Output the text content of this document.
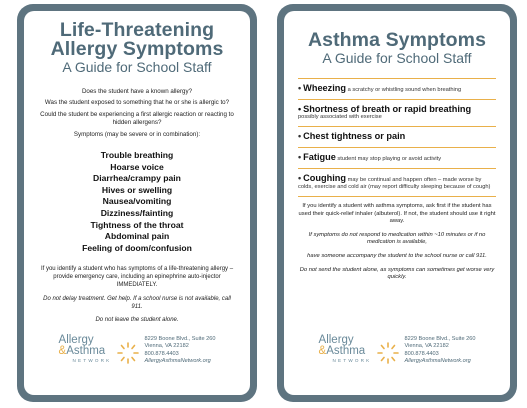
Life-Threatening
Allergy Symptoms
A Guide for School Staff

Does the student have a known allergy?

Was the student exposed to something that he or she is allergic to?

Could the student be experiencing a first allergic reaction or reacting to hidden allergens?

Symptoms (may be severe or in combination):

Trouble breathing
Hoarse voice
Diarrhea/crampy pain
Hives or swelling
Nausea/vomiting
Dizziness/fainting
Tightness of the throat
Abdominal pain
Feeling of doom/confusion

If you identify a student who has symptoms of a life-threatening allergy – provide emergency care, including an epinephrine auto-injector IMMEDIATELY.

Do not delay treatment. Get help. If a school nurse is not available, call 911.

Do not leave the student alone.

Allergy
&Asthma
NETWORK
8229 Boone Blvd., Suite 260
Vienna, VA 22182
800.878.4403
AllergyAsthmaNetwork.org
Asthma Symptoms
A Guide for School Staff
• Wheezing a scratchy or whistling sound when breathing
• Shortness of breath or rapid breathing
possibly associated with exercise
• Chest tightness or pain
• Fatigue student may stop playing or avoid activity
• Coughing may be continual and happen often – made worse by colds, exercise and cold air (may report difficulty sleeping because of cough)

If you identify a student with asthma symptoms, ask first if the student has used their quick-relief inhaler (albuterol). If not, the student should use it right away.

If symptoms do not respond to medication within ~10 minutes or if no medication is available,

have someone accompany the student to the school nurse or call 911.

Do not send the student alone, as symptoms can sometimes get worse very quickly.

Allergy
&Asthma
NETWORK
8229 Boone Blvd., Suite 260
Vienna, VA 22182
800.878.4403
AllergyAsthmaNetwork.org
